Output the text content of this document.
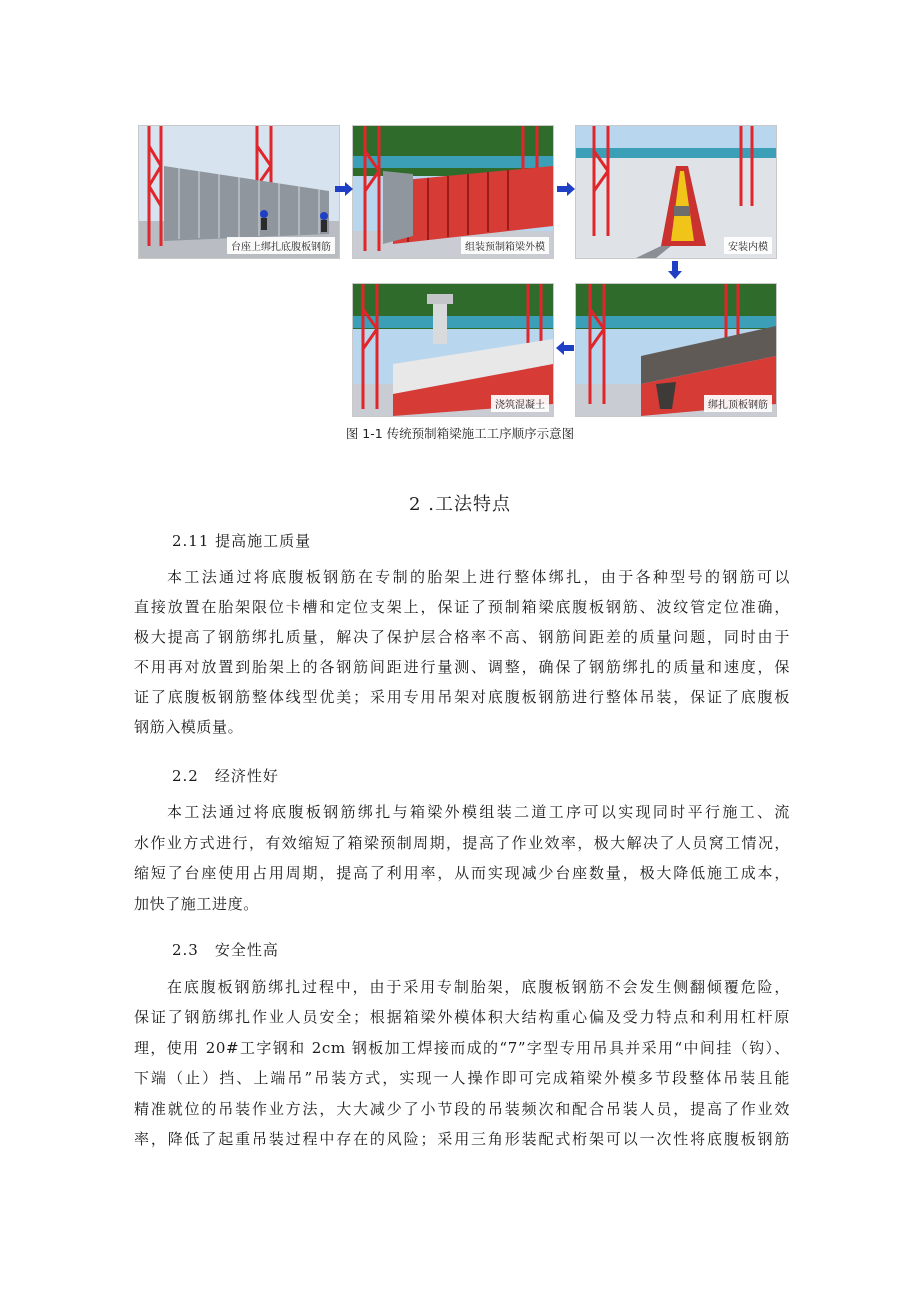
台座上绑扎底腹板钢筋	组装预制箱梁外模	安装内模
浇筑混凝土	绑扎顶板钢筋
图 1-1 传统预制箱梁施工工序顺序示意图
2 .工法特点
2.11 提高施工质量

本工法通过将底腹板钢筋在专制的胎架上进行整体绑扎，由于各种型号的钢筋可以

直接放置在胎架限位卡槽和定位支架上，保证了预制箱梁底腹板钢筋、波纹管定位准确，

极大提高了钢筋绑扎质量，解决了保护层合格率不高、钢筋间距差的质量问题，同时由于

不用再对放置到胎架上的各钢筋间距进行量测、调整，确保了钢筋绑扎的质量和速度，保

证了底腹板钢筋整体线型优美；采用专用吊架对底腹板钢筋进行整体吊装，保证了底腹板

钢筋入模质量。

2.2　经济性好

本工法通过将底腹板钢筋绑扎与箱梁外模组装二道工序可以实现同时平行施工、流

水作业方式进行，有效缩短了箱梁预制周期，提高了作业效率，极大解决了人员窝工情况，

缩短了台座使用占用周期，提高了利用率，从而实现减少台座数量，极大降低施工成本，

加快了施工进度。

2.3　安全性高

在底腹板钢筋绑扎过程中，由于采用专制胎架，底腹板钢筋不会发生侧翻倾覆危险，

保证了钢筋绑扎作业人员安全；根据箱梁外模体积大结构重心偏及受力特点和利用杠杆原

理，使用 20#工字钢和 2cm 钢板加工焊接而成的“7”字型专用吊具并采用“中间挂（钩）、

下端（止）挡、上端吊”吊装方式，实现一人操作即可完成箱梁外模多节段整体吊装且能

精准就位的吊装作业方法，大大减少了小节段的吊装频次和配合吊装人员，提高了作业效

率，降低了起重吊装过程中存在的风险；采用三角形装配式桁架可以一次性将底腹板钢筋
